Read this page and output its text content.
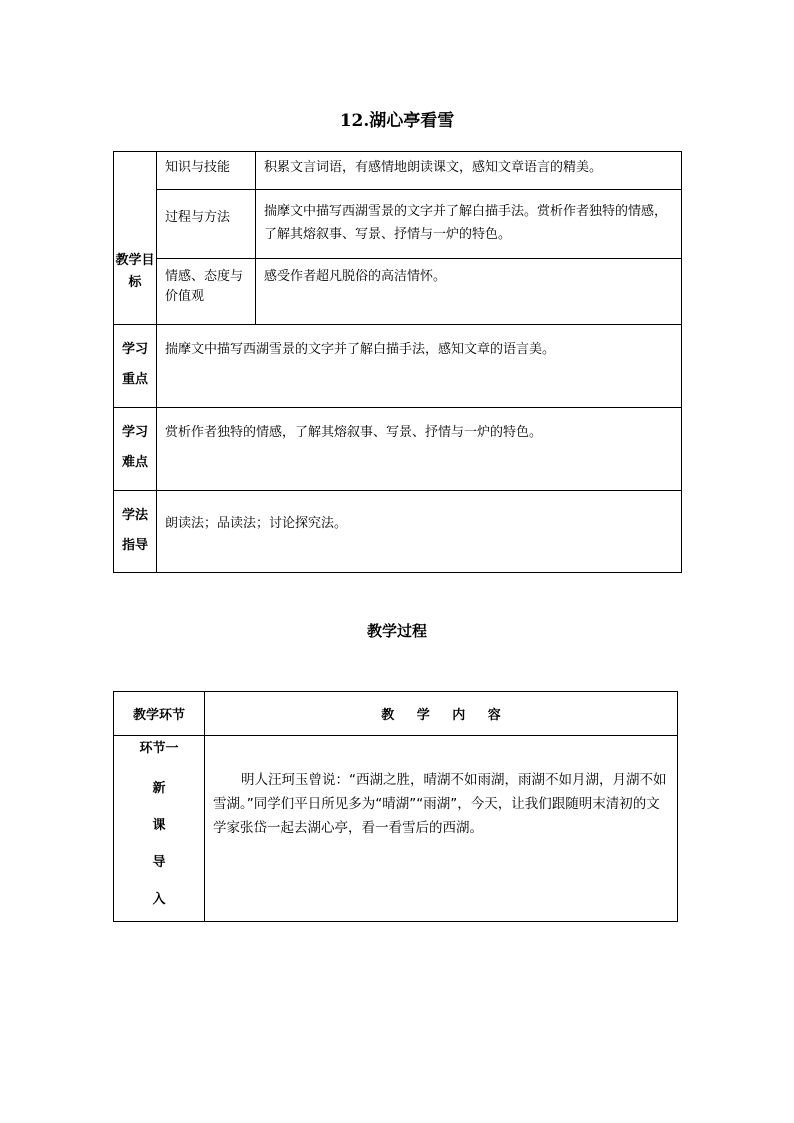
12.湖心亭看雪
教学目标	知识与技能	积累文言词语，有感情地朗读课文，感知文章语言的精美。
	过程与方法	揣摩文中描写西湖雪景的文字并了解白描手法。赏析作者独特的情感，了解其熔叙事、写景、抒情与一炉的特色。
	情感、态度与价值观	感受作者超凡脱俗的高洁情怀。

学习重点	揣摩文中描写西湖雪景的文字并了解白描手法，感知文章的语言美。	

学习难点	赏析作者独特的情感，了解其熔叙事、写景、抒情与一炉的特色。	

学法指导	朗读法；品读法；讨论探究法。	
教学过程
教学环节	教 学 内 容

环节一
新
课
导
入	明人汪珂玉曾说：“西湖之胜，晴湖不如雨湖，雨湖不如月湖，月湖不如雪湖。”同学们平日所见多为“晴湖”“雨湖”，今天，让我们跟随明末清初的文学家张岱一起去湖心亭，看一看雪后的西湖。
